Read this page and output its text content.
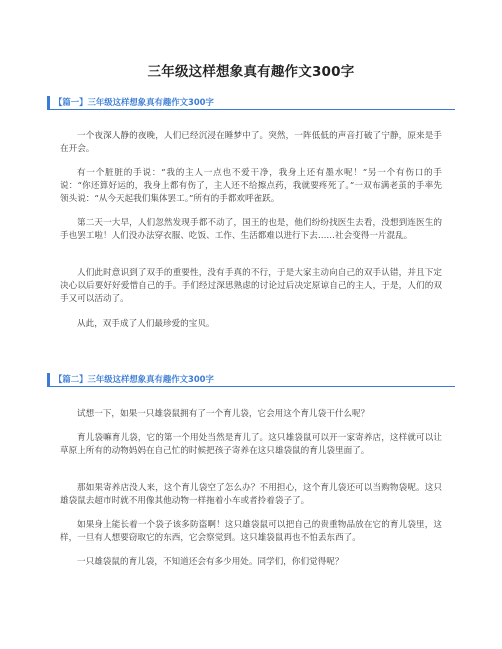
三年级这样想象真有趣作文300字
【篇一】三年级这样想象真有趣作文300字

一个夜深人静的夜晚，人们已经沉浸在睡梦中了。突然，一阵低低的声音打破了宁静，原来是手在开会。

有一个脏脏的手说：“我的主人一点也不爱干净，我身上还有墨水呢！”另一个有伤口的手说：“你还算好运的，我身上都有伤了，主人还不给擦点药，我就要疼死了。”一双布满老茧的手率先领头说：“从今天起我们集体罢工。”所有的手都欢呼雀跃。

第二天一大早，人们忽然发现手都不动了，国王的也是，他们纷纷找医生去看，没想到连医生的手也罢工啦！人们没办法穿衣服、吃饭、工作、生活都难以进行下去……社会变得一片混乱。

人们此时意识到了双手的重要性，没有手真的不行，于是大家主动向自己的双手认错，并且下定决心以后要好好爱惜自己的手。手们经过深思熟虑的讨论过后决定原谅自己的主人，于是，人们的双手又可以活动了。

从此，双手成了人们最珍爱的宝贝。

【篇二】三年级这样想象真有趣作文300字

试想一下，如果一只雄袋鼠拥有了一个育儿袋，它会用这个育儿袋干什么呢？

育儿袋嘛育儿袋，它的第一个用处当然是育儿了。这只雄袋鼠可以开一家寄养店，这样就可以让草原上所有的动物妈妈在自己忙的时候把孩子寄养在这只雄袋鼠的育儿袋里面了。

那如果寄养店没人来，这个育儿袋空了怎么办？不用担心，这个育儿袋还可以当购物袋呢。这只雄袋鼠去超市时就不用像其他动物一样拖着小车或者拎着袋子了。

如果身上能长着一个袋子该多防盗啊！这只雄袋鼠可以把自己的贵重物品放在它的育儿袋里，这样，一旦有人想要窃取它的东西，它会察觉到。这只雄袋鼠再也不怕丢东西了。

一只雄袋鼠的育儿袋，不知道还会有多少用处。同学们，你们觉得呢？
